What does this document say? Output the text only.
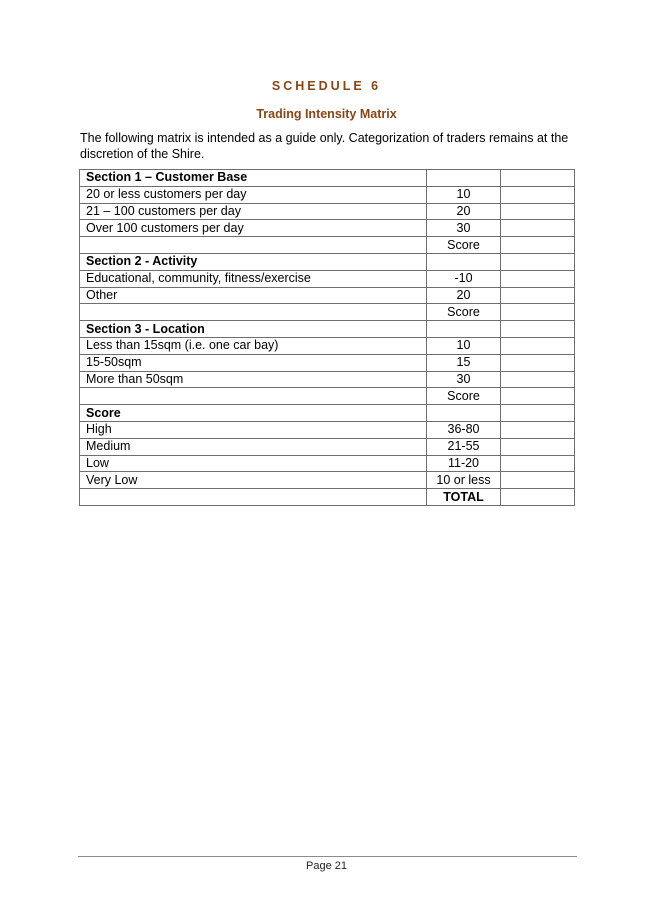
SCHEDULE 6
Trading Intensity Matrix
The following matrix is intended as a guide only. Categorization of traders remains at the discretion of the Shire.
Section 1 – Customer Base		
20 or less customers per day	10	
21 – 100 customers per day	20	
Over 100 customers per day	30	
	Score	
Section 2 - Activity		
Educational, community, fitness/exercise	-10	
Other	20	
	Score	
Section 3 - Location		
Less than 15sqm (i.e. one car bay)	10	
15-50sqm	15	
More than 50sqm	30	
	Score	
Score		
High	36-80	
Medium	21-55	
Low	11-20	
Very Low	10 or less	
	TOTAL	
Page 21
